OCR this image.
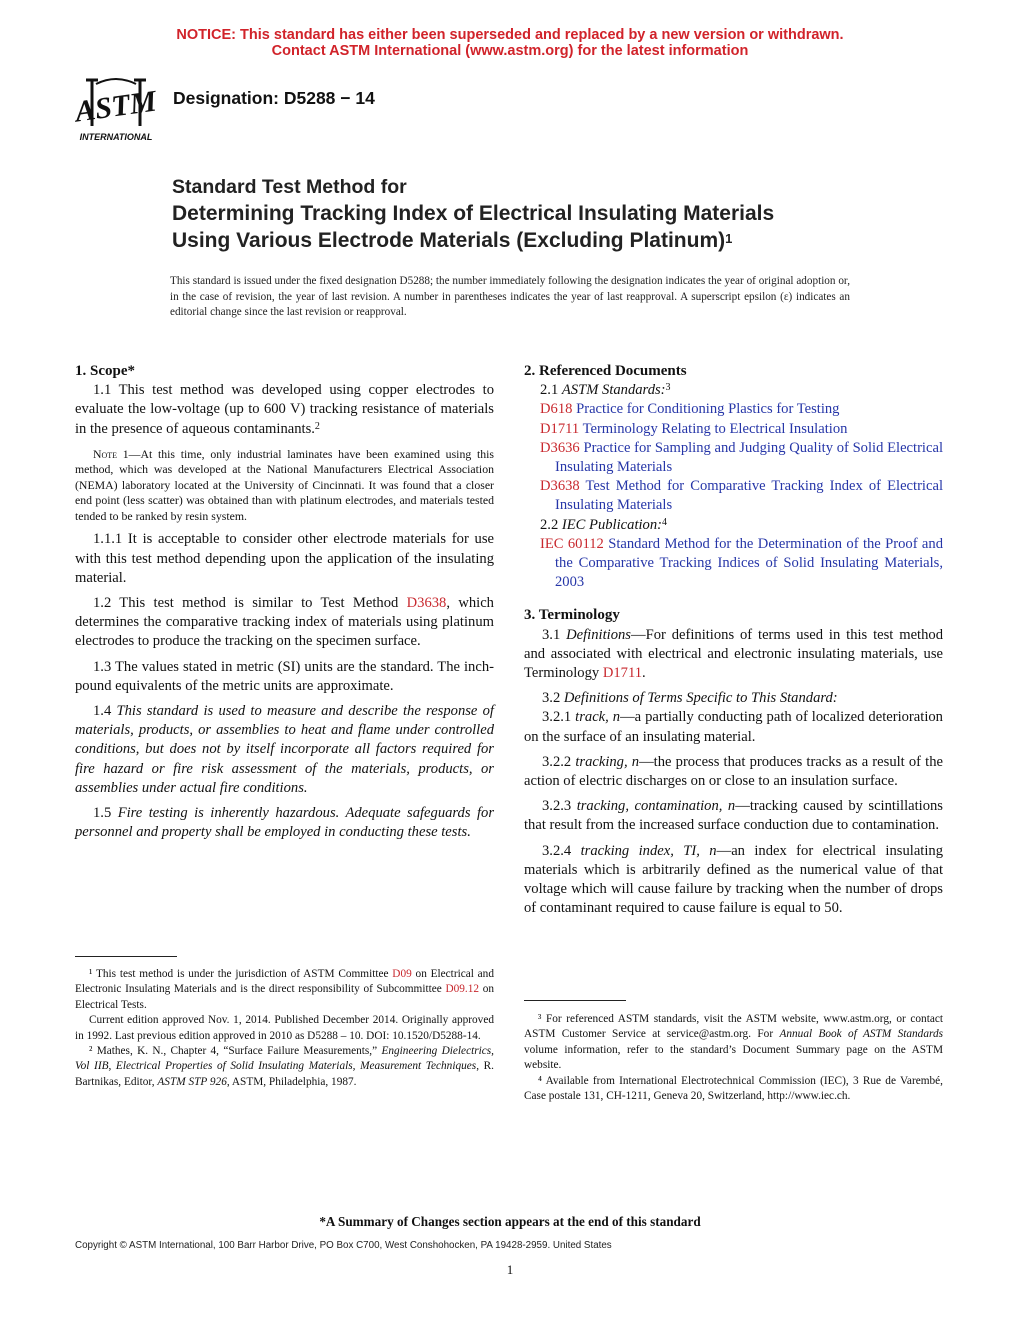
NOTICE: This standard has either been superseded and replaced by a new version or withdrawn.
Contact ASTM International (www.astm.org) for the latest information
ASTM
INTERNATIONAL
Designation: D5288 − 14
Standard Test Method for
Determining Tracking Index of Electrical Insulating Materials
Using Various Electrode Materials (Excluding Platinum)$^1$
This standard is issued under the fixed designation D5288; the number immediately following the designation indicates the year of original adoption or, in the case of revision, the year of last revision. A number in parentheses indicates the year of last reapproval. A superscript epsilon (ε) indicates an editorial change since the last revision or reapproval.

1. Scope*

1.1 This test method was developed using copper electrodes to evaluate the low-voltage (up to 600 V) tracking resistance of materials in the presence of aqueous contaminants.$^2$

Note 1—At this time, only industrial laminates have been examined using this method, which was developed at the National Manufacturers Electrical Association (NEMA) laboratory located at the University of Cincinnati. It was found that a closer end point (less scatter) was obtained than with platinum electrodes, and materials tested tended to be ranked by resin system.

1.1.1 It is acceptable to consider other electrode materials for use with this test method depending upon the application of the insulating material.

1.2 This test method is similar to Test Method D3638, which determines the comparative tracking index of materials using platinum electrodes to produce the tracking on the specimen surface.

1.3 The values stated in metric (SI) units are the standard. The inch-pound equivalents of the metric units are approximate.

1.4 This standard is used to measure and describe the response of materials, products, or assemblies to heat and flame under controlled conditions, but does not by itself incorporate all factors required for fire hazard or fire risk assessment of the materials, products, or assemblies under actual fire conditions.

1.5 Fire testing is inherently hazardous. Adequate safeguards for personnel and property shall be employed in conducting these tests.

2. Referenced Documents

2.1 ASTM Standards:$^3$

D618 Practice for Conditioning Plastics for Testing

D1711 Terminology Relating to Electrical Insulation

D3636 Practice for Sampling and Judging Quality of Solid Electrical Insulating Materials

D3638 Test Method for Comparative Tracking Index of Electrical Insulating Materials

2.2 IEC Publication:$^4$

IEC 60112 Standard Method for the Determination of the Proof and the Comparative Tracking Indices of Solid Insulating Materials, 2003

3. Terminology

3.1 Definitions—For definitions of terms used in this test method and associated with electrical and electronic insulating materials, use Terminology D1711.

3.2 Definitions of Terms Specific to This Standard:

3.2.1 track, n—a partially conducting path of localized deterioration on the surface of an insulating material.

3.2.2 tracking, n—the process that produces tracks as a result of the action of electric discharges on or close to an insulation surface.

3.2.3 tracking, contamination, n—tracking caused by scintillations that result from the increased surface conduction due to contamination.

3.2.4 tracking index, TI, n—an index for electrical insulating materials which is arbitrarily defined as the numerical value of that voltage which will cause failure by tracking when the number of drops of contaminant required to cause failure is equal to 50.

¹ This test method is under the jurisdiction of ASTM Committee D09 on Electrical and Electronic Insulating Materials and is the direct responsibility of Subcommittee D09.12 on Electrical Tests.

Current edition approved Nov. 1, 2014. Published December 2014. Originally approved in 1992. Last previous edition approved in 2010 as D5288 – 10. DOI: 10.1520/D5288-14.

² Mathes, K. N., Chapter 4, “Surface Failure Measurements,” Engineering Dielectrics, Vol IIB, Electrical Properties of Solid Insulating Materials, Measurement Techniques, R. Bartnikas, Editor, ASTM STP 926, ASTM, Philadelphia, 1987.

³ For referenced ASTM standards, visit the ASTM website, www.astm.org, or contact ASTM Customer Service at service@astm.org. For Annual Book of ASTM Standards volume information, refer to the standard’s Document Summary page on the ASTM website.

⁴ Available from International Electrotechnical Commission (IEC), 3 Rue de Varembé, Case postale 131, CH-1211, Geneva 20, Switzerland, http://www.iec.ch.

*A Summary of Changes section appears at the end of this standard
Copyright © ASTM International, 100 Barr Harbor Drive, PO Box C700, West Conshohocken, PA 19428-2959. United States
1
